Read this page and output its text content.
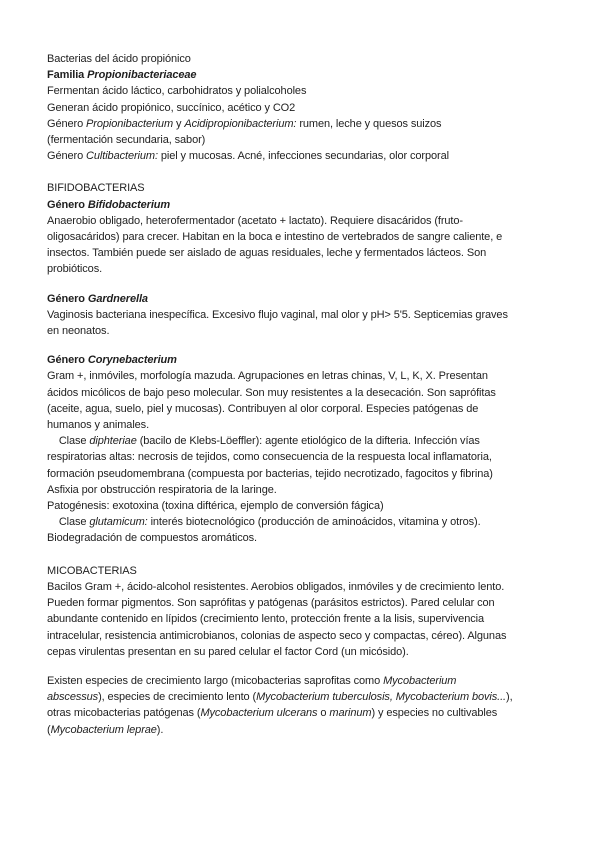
Bacterias del ácido propiónico
Familia Propionibacteriaceae
Fermentan ácido láctico, carbohidratos y polialcoholes
Generan ácido propiónico, succínico, acético y CO2
Género Propionibacterium y Acidipropionibacterium: rumen, leche y quesos suizos
(fermentación secundaria, sabor)
Género Cultibacterium: piel y mucosas. Acné, infecciones secundarias, olor corporal
BIFIDOBACTERIAS
Género Bifidobacterium
Anaerobio obligado, heterofermentador (acetato + lactato). Requiere disacáridos (fruto-
oligosacáridos) para crecer. Habitan en la boca e intestino de vertebrados de sangre caliente, e
insectos. También puede ser aislado de aguas residuales, leche y fermentados lácteos. Son
probióticos.
Género Gardnerella
Vaginosis bacteriana inespecífica. Excesivo flujo vaginal, mal olor y pH> 5'5. Septicemias graves
en neonatos.
Género Corynebacterium
Gram +, inmóviles, morfología mazuda. Agrupaciones en letras chinas, V, L, K, X. Presentan
ácidos micólicos de bajo peso molecular. Son muy resistentes a la desecación. Son saprófitas
(aceite, agua, suelo, piel y mucosas). Contribuyen al olor corporal. Especies patógenas de
humanos y animales.
Clase diphteriae (bacilo de Klebs-Löeffler): agente etiológico de la difteria. Infección vías
respiratorias altas: necrosis de tejidos, como consecuencia de la respuesta local inflamatoria,
formación pseudomembrana (compuesta por bacterias, tejido necrotizado, fagocitos y fibrina)
Asfixia por obstrucción respiratoria de la laringe.
Patogénesis: exotoxina (toxina diftérica, ejemplo de conversión fágica)
Clase glutamicum: interés biotecnológico (producción de aminoácidos, vitamina y otros).
Biodegradación de compuestos aromáticos.
MICOBACTERIAS
Bacilos Gram +, ácido-alcohol resistentes. Aerobios obligados, inmóviles y de crecimiento lento.
Pueden formar pigmentos. Son saprófitas y patógenas (parásitos estrictos). Pared celular con
abundante contenido en lípidos (crecimiento lento, protección frente a la lisis, supervivencia
intracelular, resistencia antimicrobianos, colonias de aspecto seco y compactas, céreo). Algunas
cepas virulentas presentan en su pared celular el factor Cord (un micósido).
Existen especies de crecimiento largo (micobacterias saprofitas como Mycobacterium
abscessus), especies de crecimiento lento (Mycobacterium tuberculosis, Mycobacterium bovis...),
otras micobacterias patógenas (Mycobacterium ulcerans o marinum) y especies no cultivables
(Mycobacterium leprae).
